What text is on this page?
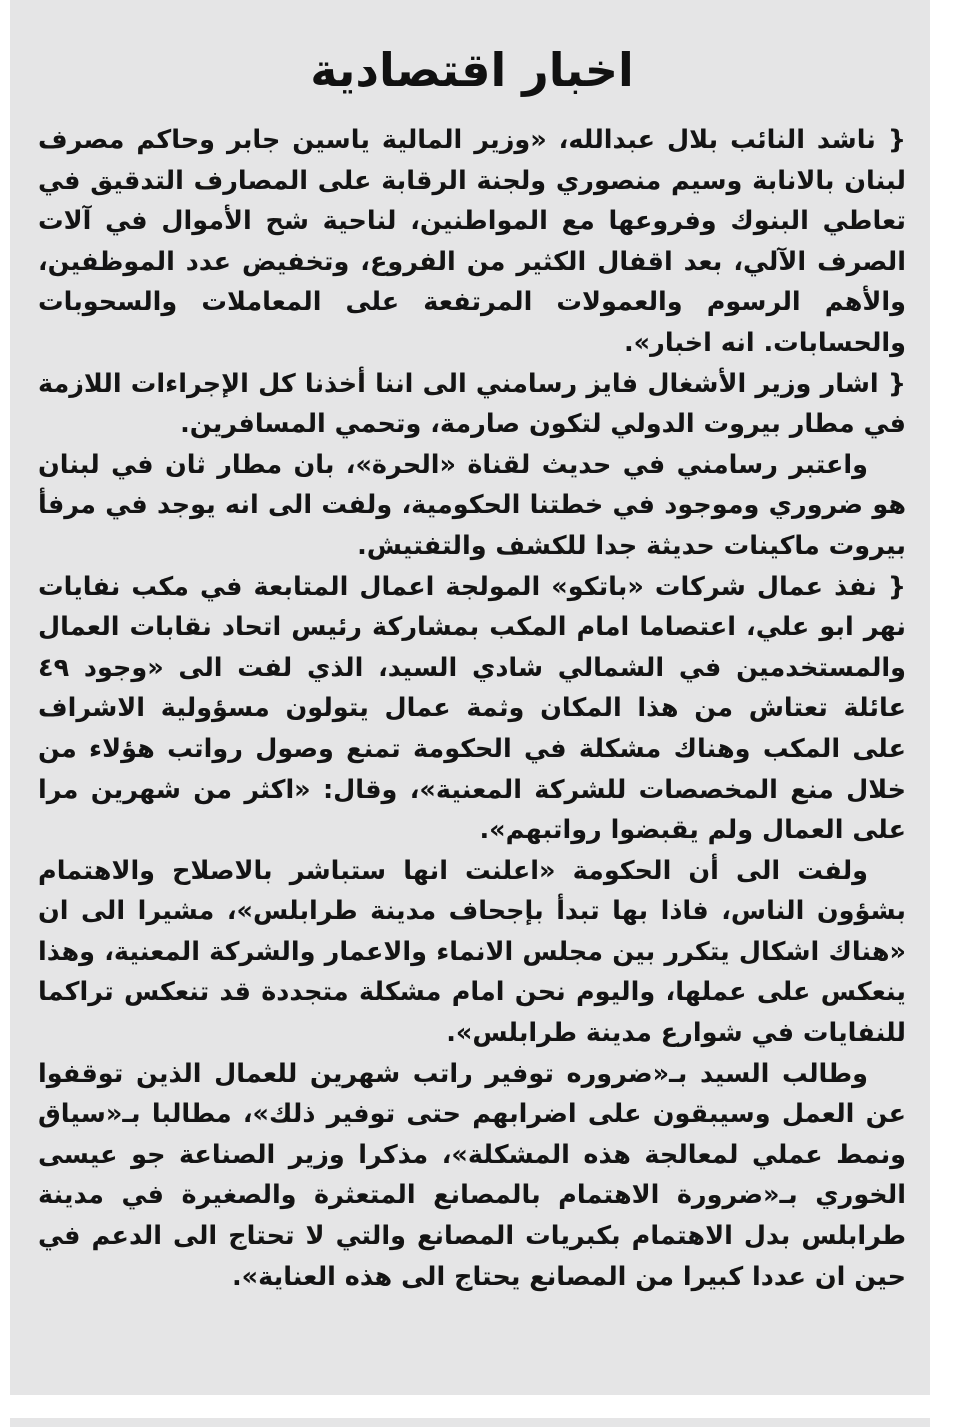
اخبار اقتصادية

{ ناشد النائب بلال عبدالله، «وزير المالية ياسين جابر وحاكم مصرف لبنان بالانابة وسيم منصوري ولجنة الرقابة على المصارف التدقيق في تعاطي البنوك وفروعها مع المواطنين، لناحية شح الأموال في آلات الصرف الآلي، بعد اقفال الكثير من الفروع، وتخفيض عدد الموظفين، والأهم الرسوم والعمولات المرتفعة على المعاملات والسحوبات والحسابات. انه اخبار».

{ اشار وزير الأشغال فايز رسامني الى اننا أخذنا كل الإجراءات اللازمة في مطار بيروت الدولي لتكون صارمة، وتحمي المسافرين.

واعتبر رسامني في حديث لقناة «الحرة»، بان مطار ثان في لبنان هو ضروري وموجود في خطتنا الحكومية، ولفت الى انه يوجد في مرفأ بيروت ماكينات حديثة جدا للكشف والتفتيش.

{ نفذ عمال شركات «باتكو» المولجة اعمال المتابعة في مكب نفايات نهر ابو علي، اعتصاما امام المكب بمشاركة رئيس اتحاد نقابات العمال والمستخدمين في الشمالي شادي السيد، الذي لفت الى «وجود ٤٩ عائلة تعتاش من هذا المكان وثمة عمال يتولون مسؤولية الاشراف على المكب وهناك مشكلة في الحكومة تمنع وصول رواتب هؤلاء من خلال منع المخصصات للشركة المعنية»، وقال: «اكثر من شهرين مرا على العمال ولم يقبضوا رواتبهم».

ولفت الى أن الحكومة «اعلنت انها ستباشر بالاصلاح والاهتمام بشؤون الناس، فاذا بها تبدأ بإجحاف مدينة طرابلس»، مشيرا الى ان «هناك اشكال يتكرر بين مجلس الانماء والاعمار والشركة المعنية، وهذا ينعكس على عملها، واليوم نحن امام مشكلة متجددة قد تنعكس تراكما للنفايات في شوارع مدينة طرابلس».

وطالب السيد بـ«ضروره توفير راتب شهرين للعمال الذين توقفوا عن العمل وسيبقون على اضرابهم حتى توفير ذلك»، مطالبا بـ«سياق ونمط عملي لمعالجة هذه المشكلة»، مذكرا وزير الصناعة جو عيسى الخوري بـ«ضرورة الاهتمام بالمصانع المتعثرة والصغيرة في مدينة طرابلس بدل الاهتمام بكبريات المصانع والتي لا تحتاج الى الدعم في حين ان عددا كبيرا من المصانع يحتاج الى هذه العناية».
